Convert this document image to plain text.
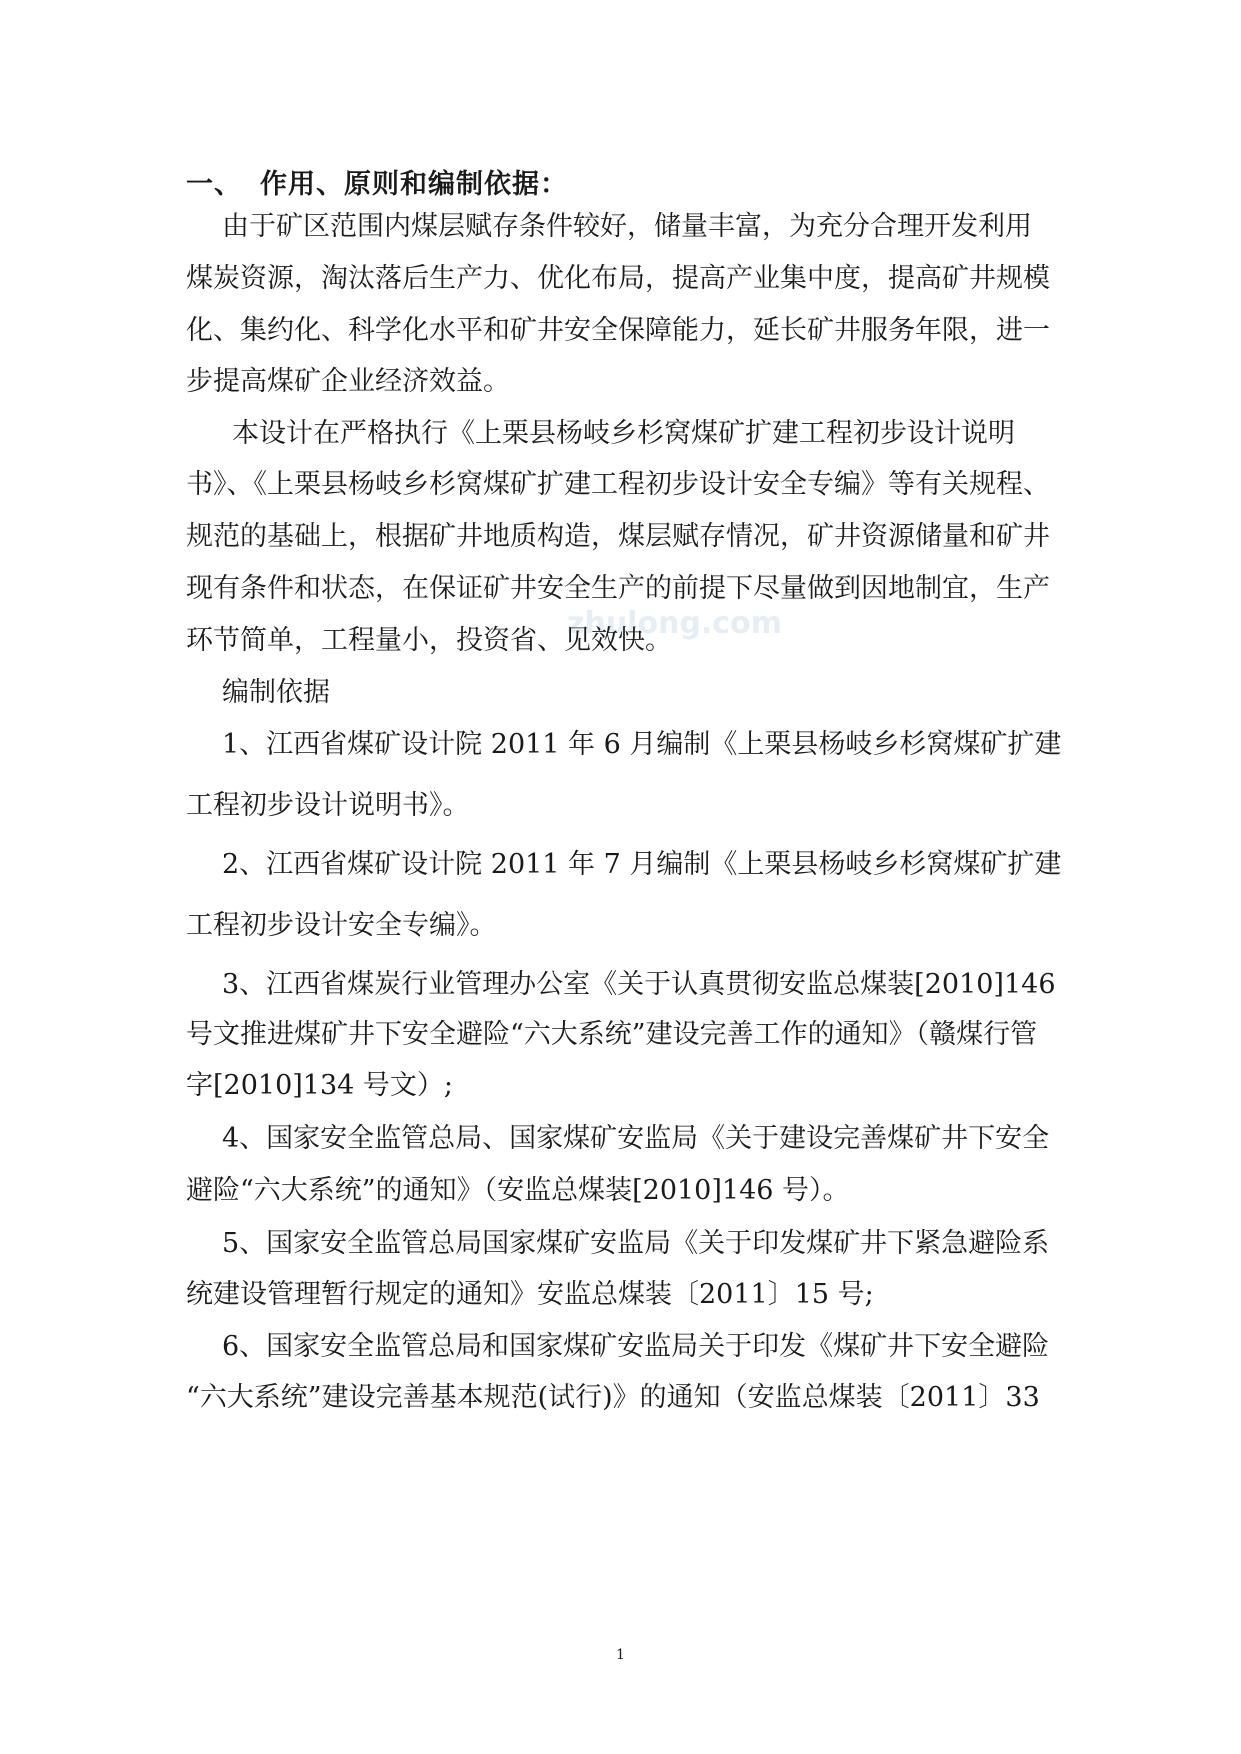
zhulong.com
一、 作用、原则和编制依据：
由于矿区范围内煤层赋存条件较好，储量丰富，为充分合理开发利用
煤炭资源，淘汰落后生产力、优化布局，提高产业集中度，提高矿井规模
化、集约化、科学化水平和矿井安全保障能力，延长矿井服务年限，进一
步提高煤矿企业经济效益。
本设计在严格执行《上栗县杨岐乡杉窝煤矿扩建工程初步设计说明
书》、《上栗县杨岐乡杉窝煤矿扩建工程初步设计安全专编》等有关规程、
规范的基础上，根据矿井地质构造，煤层赋存情况，矿井资源储量和矿井
现有条件和状态，在保证矿井安全生产的前提下尽量做到因地制宜，生产
环节简单，工程量小，投资省、见效快。
编制依据
1、江西省煤矿设计院 2011 年 6 月编制《上栗县杨岐乡杉窝煤矿扩建
工程初步设计说明书》。
2、江西省煤矿设计院 2011 年 7 月编制《上栗县杨岐乡杉窝煤矿扩建
工程初步设计安全专编》。
3、江西省煤炭行业管理办公室《关于认真贯彻安监总煤装[2010]146
号文推进煤矿井下安全避险“六大系统”建设完善工作的通知》（赣煤行管
字[2010]134 号文）;
4、国家安全监管总局、国家煤矿安监局《关于建设完善煤矿井下安全
避险“六大系统”的通知》（安监总煤装[2010]146 号）。
5、国家安全监管总局国家煤矿安监局《关于印发煤矿井下紧急避险系
统建设管理暂行规定的通知》安监总煤装〔2011〕15 号;
6、国家安全监管总局和国家煤矿安监局关于印发《煤矿井下安全避险
“六大系统”建设完善基本规范(试行)》的通知（安监总煤装〔2011〕33
1
